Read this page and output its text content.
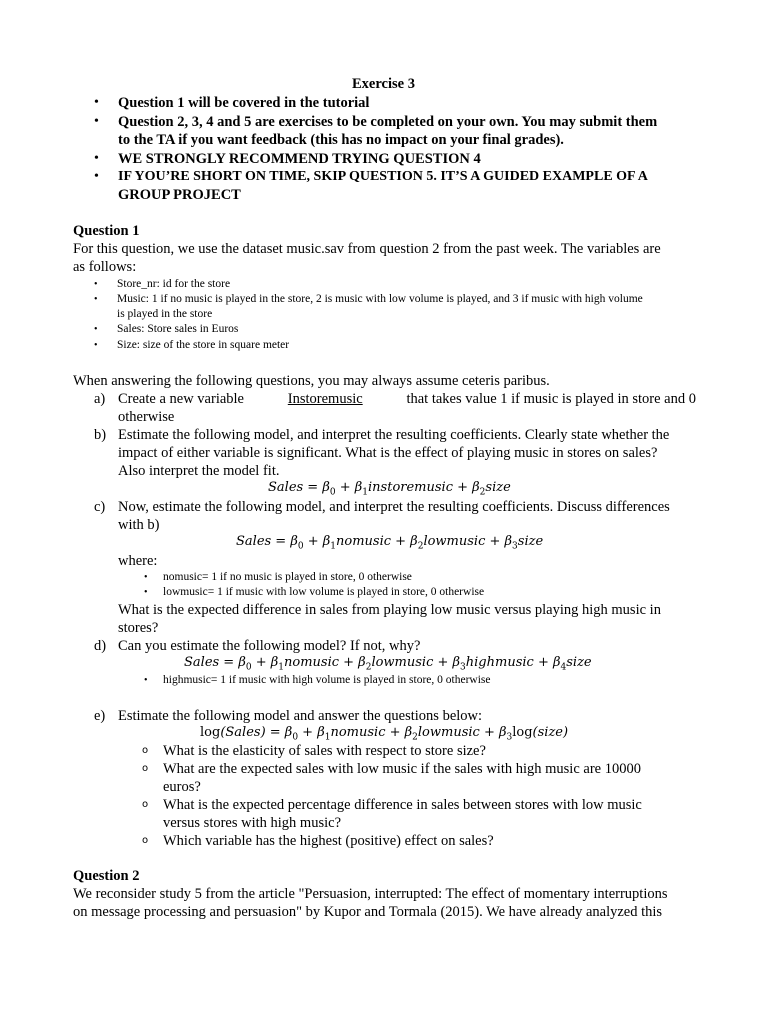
Exercise 3
• Question 1 will be covered in the tutorial
• Question 2, 3, 4 and 5 are exercises to be completed on your own. You may submit them
to the TA if you want feedback (this has no impact on your final grades).
• WE STRONGLY RECOMMEND TRYING QUESTION 4
• IF YOU’RE SHORT ON TIME, SKIP QUESTION 5. IT’S A GUIDED EXAMPLE OF A
GROUP PROJECT
Question 1
For this question, we use the dataset music.sav from question 2 from the past week. The variables are
as follows:
• Store_nr: id for the store
• Music: 1 if no music is played in the store, 2 is music with low volume is played, and 3 if music with high volume
is played in the store
• Sales: Store sales in Euros
• Size: size of the store in square meter
When answering the following questions, you may always assume ceteris paribus.
a) Create a new variable	Instoremusic	that takes value 1 if music is played in store and 0
otherwise
b) Estimate the following model, and interpret the resulting coefficients. Clearly state whether the
impact of either variable is significant. What is the effect of playing music in stores on sales?
Also interpret the model fit.
Sales = $\beta_0$ + $\beta_1instoremusic$ + $\beta_2size$
c) Now, estimate the following model, and interpret the resulting coefficients. Discuss differences
with b)
Sales = $\beta_0$ + $\beta_1nomusic$ + $\beta_2lowmusic$ + $\beta_3size$
where:
• nomusic= 1 if no music is played in store, 0 otherwise
• lowmusic= 1 if music with low volume is played in store, 0 otherwise
What is the expected difference in sales from playing low music versus playing high music in
stores?
d) Can you estimate the following model? If not, why?
Sales = $\beta_0$ + $\beta_1nomusic$ + $\beta_2lowmusic$ + $\beta_3highmusic$ + $\beta_4size$
• highmusic= 1 if music with high volume is played in store, 0 otherwise
e) Estimate the following model and answer the questions below:
log(Sales) = $\beta_0$ + $\beta_1nomusic$ + $\beta_2lowmusic$ + $\beta_3\log(size)$
o What is the elasticity of sales with respect to store size?
o What are the expected sales with low music if the sales with high music are 10000
euros?
o What is the expected percentage difference in sales between stores with low music
versus stores with high music?
o Which variable has the highest (positive) effect on sales?
Question 2
We reconsider study 5 from the article "Persuasion, interrupted: The effect of momentary interruptions
on message processing and persuasion" by Kupor and Tormala (2015). We have already analyzed this
